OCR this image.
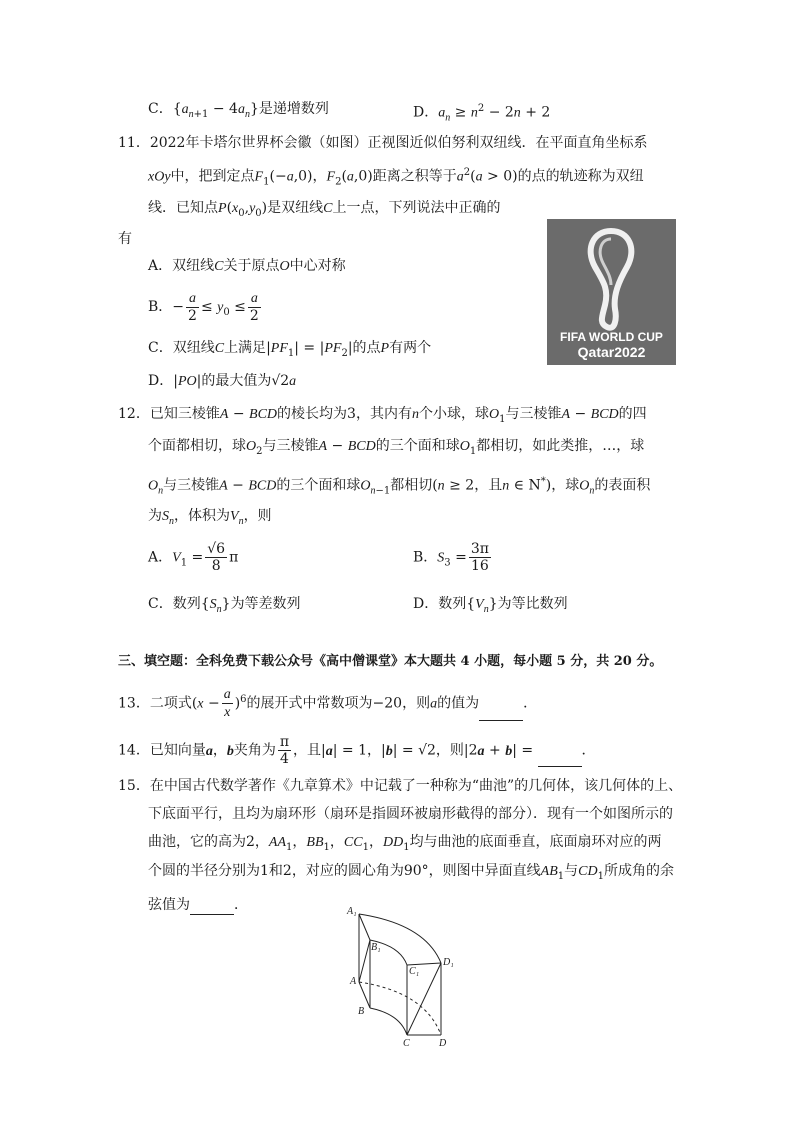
C．$\{a_{n+1} - 4a_n\}$是递增数列	D．$a_n \ge n^2 - 2n + 2$
11．2022年卡塔尔世界杯会徽（如图）正视图近似伯努利双纽线．在平面直角坐标系
xOy中，把到定点$F_1(-a,0)$，$F_2(a,0)$距离之积等于$a^2(a > 0)$的点的轨迹称为双纽
线．已知点$P(x_0,y_0)$是双纽线C上一点，下列说法中正确的
有
A．双纽线C关于原点O中心对称
B．− $\frac{a}{2} \le y_0 \le \frac{a}{2}$
C．双纽线C上满足$|PF_1| = |PF_2|$的点P有两个
D．|PO|的最大值为√2a
FIFA WORLD CUP
Qatar2022
12．已知三棱锥A − BCD的棱长均为3，其内有n个小球，球$O_1$与三棱锥A − BCD的四
个面都相切，球$O_2$与三棱锥A − BCD的三个面和球$O_1$都相切，如此类推，…，球
$O_n$与三棱锥A − BCD的三个面和球$O_{n-1}$都相切(n ≥ 2，且n ∈ N*)，球$O_n$的表面积
为$S_n$，体积为$V_n$，则
A．$V_1 = \frac{√6}{8}$ π	B．$S_3 = \frac{3\pi}{16}$
C．数列$\{S_n\}$为等差数列	D．数列$\{V_n\}$为等比数列
三、填空题：全科免费下载公众号《高中僧课堂》本大题共 4 小题，每小题 5 分，共 20 分。
13．二项式$(x - \frac{a}{x} )^6$的展开式中常数项为−20，则a的值为	．
14．已知向量a，b夹角为 $\frac{\pi}{4}$ ，且|a| = 1，|b| = √2，则|2a + b| =	．
15．在中国古代数学著作《九章算术》中记载了一种称为“曲池”的几何体，该几何体的上、
下底面平行，且均为扇环形（扇环是指圆环被扇形截得的部分）．现有一个如图所示的
曲池，它的高为2，$AA_1$，$BB_1$，$CC_1$，$DD_1$均与曲池的底面垂直，底面扇环对应的两
个圆的半径分别为1和2，对应的圆心角为90°，则图中异面直线$AB_1$与$CD_1$所成角的余
弦值为	．	A₁
B₁
C₁
D₁
A
B
C	D
